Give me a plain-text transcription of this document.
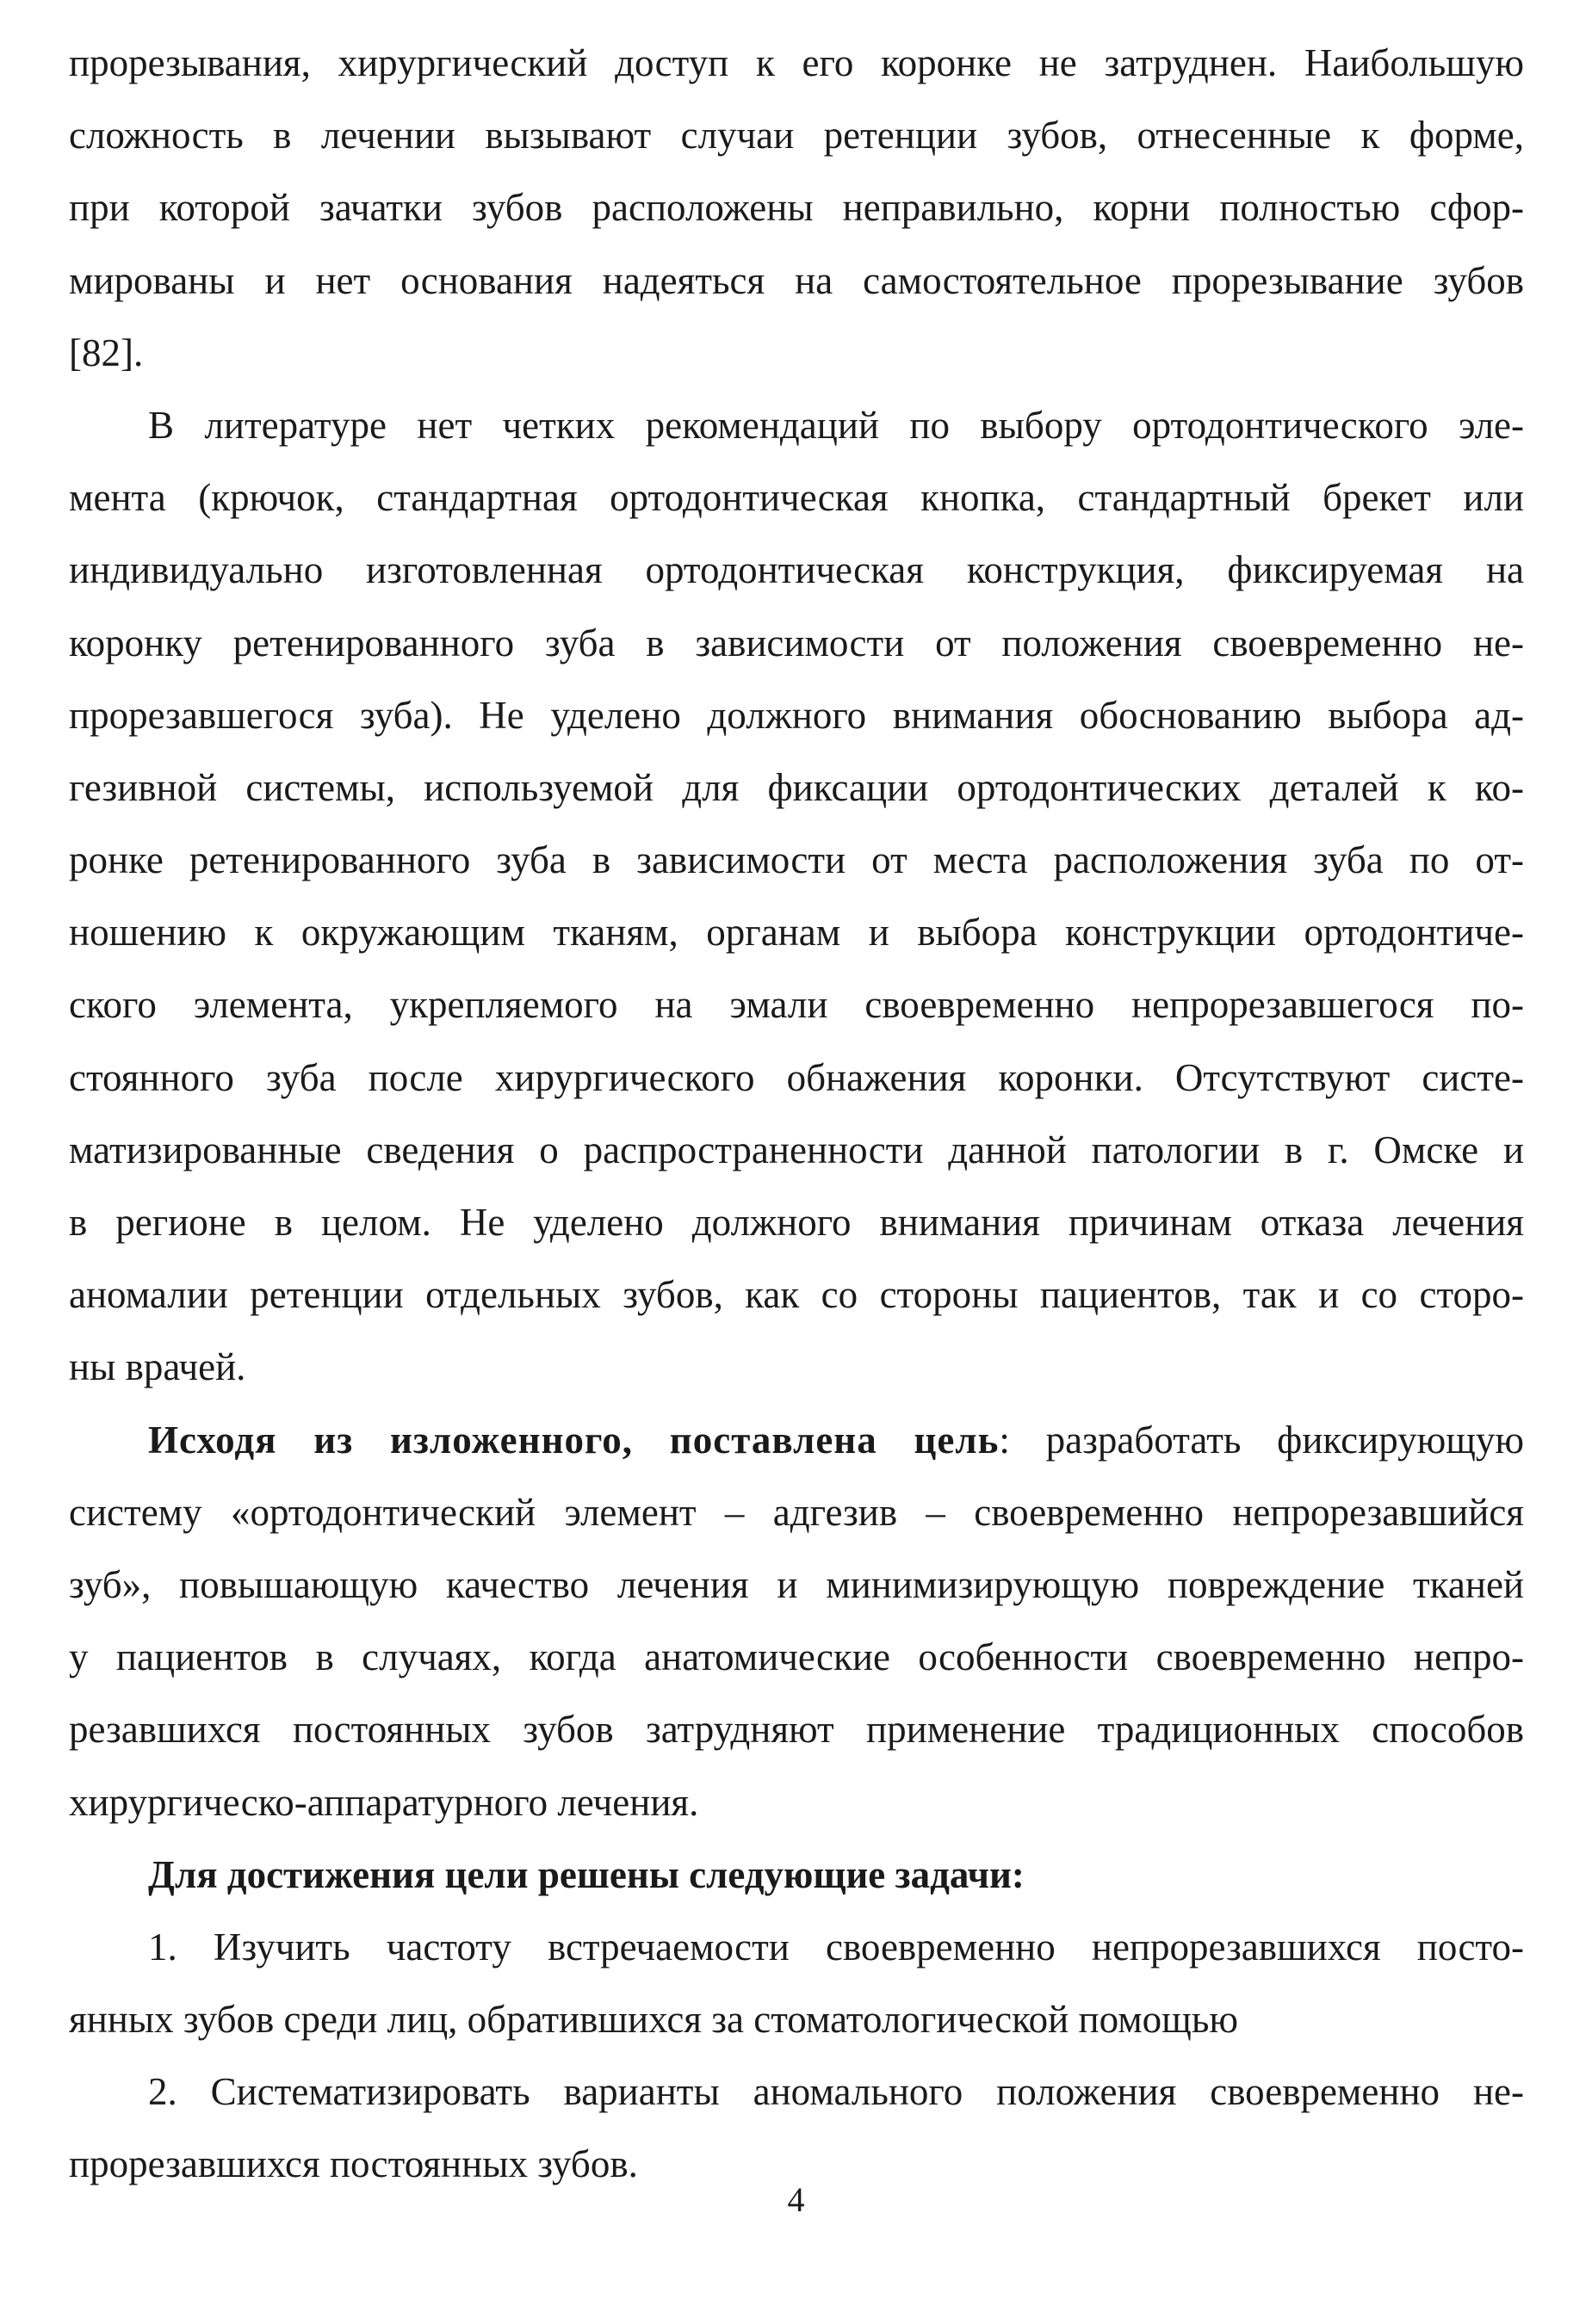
прорезывания, хирургический доступ к его коронке не затруднен. Наибольшую
сложность в лечении вызывают случаи ретенции зубов, отнесенные к форме,
при которой зачатки зубов расположены неправильно, корни полностью сфор-
мированы и нет основания надеяться на самостоятельное прорезывание зубов
[82].
В литературе нет четких рекомендаций по выбору ортодонтического эле-
мента (крючок, стандартная ортодонтическая кнопка, стандартный брекет или
индивидуально изготовленная ортодонтическая конструкция, фиксируемая на
коронку ретенированного зуба в зависимости от положения своевременно не-
прорезавшегося зуба). Не уделено должного внимания обоснованию выбора ад-
гезивной системы, используемой для фиксации ортодонтических деталей к ко-
ронке ретенированного зуба в зависимости от места расположения зуба по от-
ношению к окружающим тканям, органам и выбора конструкции ортодонтиче-
ского элемента, укрепляемого на эмали своевременно непрорезавшегося по-
стоянного зуба после хирургического обнажения коронки. Отсутствуют систе-
матизированные сведения о распространенности данной патологии в г. Омске и
в регионе в целом. Не уделено должного внимания причинам отказа лечения
аномалии ретенции отдельных зубов, как со стороны пациентов, так и со сторо-
ны врачей.
Исходя из изложенного, поставлена цель: разработать фиксирующую
систему «ортодонтический элемент – адгезив – своевременно непрорезавшийся
зуб», повышающую качество лечения и минимизирующую повреждение тканей
у пациентов в случаях, когда анатомические особенности своевременно непро-
резавшихся постоянных зубов затрудняют применение традиционных способов
хирургическо-аппаратурного лечения.
Для достижения цели решены следующие задачи:
1. Изучить частоту встречаемости своевременно непрорезавшихся посто-
янных зубов среди лиц, обратившихся за стоматологической помощью
2. Систематизировать варианты аномального положения своевременно не-
прорезавшихся постоянных зубов.
4
